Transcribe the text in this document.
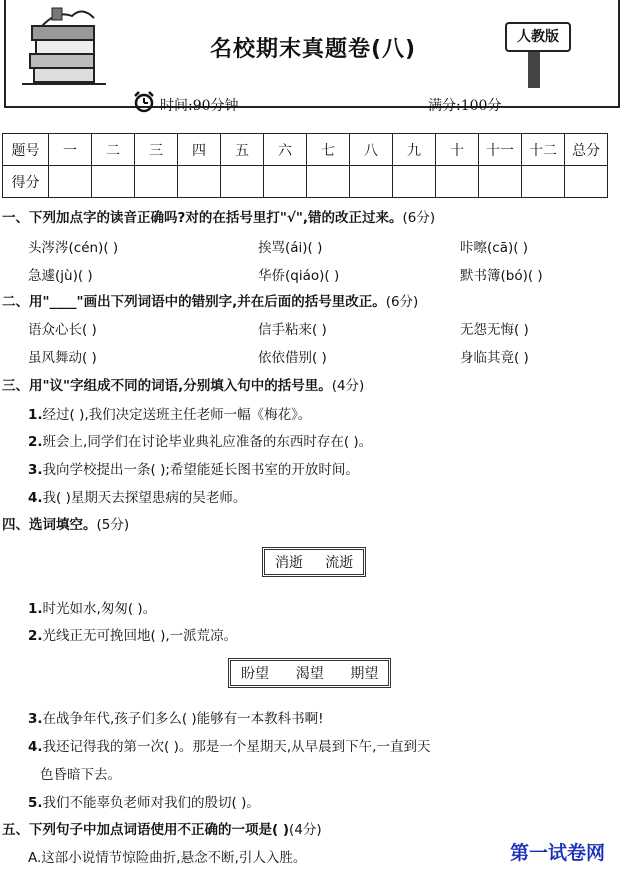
名校期末真题卷(八)	人教版
时间:90分钟	满分:100分
题号	一	二	三	四	五	六	七	八	九	十	十一	十二	总分
得分													
一、下列加点字的读音正确吗?对的在括号里打"√",错的改正过来。(6分)
头涔涔(cén)( )	挨骂(ái)( )	咔嚓(cā)( )
急遽(jù)( )	华侨(qiáo)( )	默书簿(bó)( )
二、用"____"画出下列词语中的错别字,并在后面的括号里改正。(6分)
语众心长( )	信手粘来( )	无怨无悔( )
虽风舞动( )	依依借别( )	身临其竟( )
三、用"议"字组成不同的词语,分别填入句中的括号里。(4分)
1.经过( ),我们决定送班主任老师一幅《梅花》。
2.班会上,同学们在讨论毕业典礼应准备的东西时存在( )。
3.我向学校提出一条( );希望能延长图书室的开放时间。
4.我( )星期天去探望患病的吴老师。
四、选词填空。(5分)
消逝 流逝
1.时光如水,匆匆( )。
2.光线正无可挽回地( ),一派荒凉。
盼望 渴望 期望
3.在战争年代,孩子们多么( )能够有一本教科书啊!
4.我还记得我的第一次( )。那是一个星期天,从早晨到下午,一直到天
色昏暗下去。
5.我们不能辜负老师对我们的殷切( )。
五、下列句子中加点词语使用不正确的一项是( )(4分)
A.这部小说情节惊险曲折,悬念不断,引人入胜。	第一试卷网
